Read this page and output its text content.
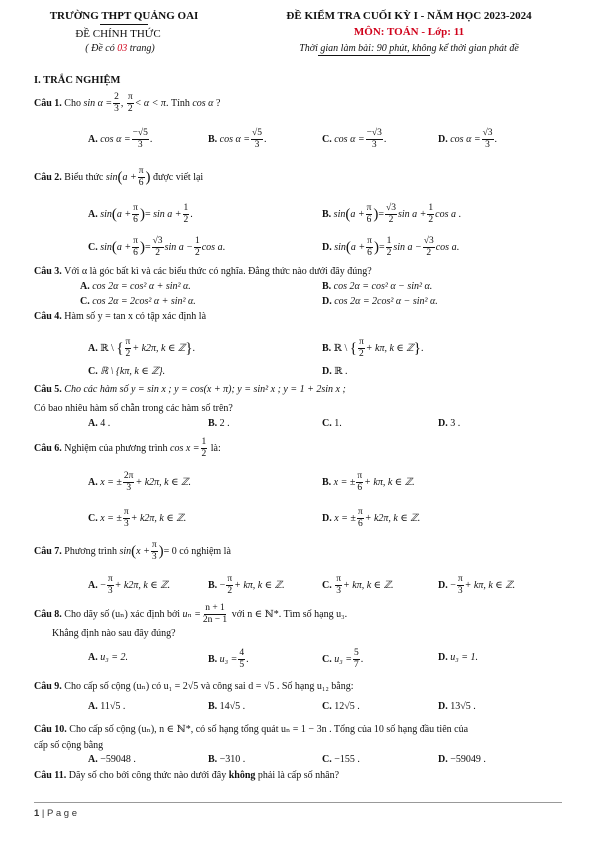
TRƯỜNG THPT QUẢNG OAI
ĐỀ CHÍNH THỨC
( Đề có 03 trang)
ĐỀ KIỂM TRA CUỐI KỲ I - NĂM HỌC 2023-2024
MÔN: TOÁN - Lớp: 11
Thời gian làm bài: 90 phút, không kể thời gian phát đề
I. TRẮC NGHIỆM
Câu 1. Cho $\sin \alpha = \frac{2}{3}$ , $\frac{\pi}{2} < \alpha < \pi$. Tính cos α ?
A. $\cos \alpha = \frac{-√5}{3}$ .	B. $\cos \alpha = \frac{√5}{3}$ .	C. $\cos \alpha = \frac{-√3}{3}$ .	D. $\cos \alpha = \frac{√3}{3}$ .
Câu 2. Biểu thức $\sin(a + \frac{\pi}{6}$ ) được viết lại
A. $\sin(a + \frac{\pi}{6}$ )= $\sin a + \frac{1}{2}$ .	B. $\sin(a + \frac{\pi}{6}$ )= $\frac{√3}{2}$ $\sin a + \frac{1}{2}$ cos a .
C. $\sin(a + \frac{\pi}{6}$ )= $\frac{√3}{2}$ $\sin a - \frac{1}{2}$ cos a.	D. $\sin(a + \frac{\pi}{6}$ )= $\frac{1}{2}$ $\sin a - \frac{√3}{2}$ cos a.
Câu 3. Với α là góc bất kì và các biểu thức có nghĩa. Đẳng thức nào dưới đây đúng?
A. cos 2α = cos² α + sin² α.	B. cos 2α = cos² α − sin² α.
C. cos 2α = 2cos² α + sin² α.	D. cos 2α = 2cos² α − sin² α.
Câu 4. Hàm số y = tan x có tập xác định là
A. ℝ \ { $\frac{\pi}{2} + k2\pi$, k ∈ ℤ}.	B. ℝ \ { $\frac{\pi}{2} + k\pi$, k ∈ ℤ}.
C. ℝ \ {kπ, k ∈ ℤ}.	D. ℝ .
Câu 5. Cho các hàm số y = sin x ; y = cos(x + π); y = sin² x ; y = 1 + 2sin x ;
Có bao nhiêu hàm số chẵn trong các hàm số trên?
A. 4 .	B. 2 .	C. 1.	D. 3 .
Câu 6. Nghiệm của phương trình $\cos x = \frac{1}{2}$ là:
A. x = ± $\frac{2\pi}{3} + k2\pi$, k ∈ ℤ.	B. x = ± $\frac{\pi}{6} + k\pi$, k ∈ ℤ.
C. x = ± $\frac{\pi}{3} + k2\pi$, k ∈ ℤ.	D. x = ± $\frac{\pi}{6} + k2\pi$, k ∈ ℤ.
Câu 7. Phương trình $\sin(x + \frac{\pi}{3}$ )= 0 có nghiệm là
A. − $\frac{\pi}{3} + k2\pi$, k ∈ ℤ.	B. − $\frac{\pi}{2} + k\pi$, k ∈ ℤ.	C. $\frac{\pi}{3} + k\pi$, k ∈ ℤ.	D. − $\frac{\pi}{3} + k\pi$, k ∈ ℤ.
Câu 8. Cho dãy số (uₙ) xác định bởi $u_n = \frac{n + 1}{2n - 1}$ với n ∈ ℕ*. Tìm số hạng u₃.
Khẳng định nào sau đây đúng?
A. u₃ = 2.	B. $u_3 = \frac{4}{5}$ .	C. $u_3 = \frac{5}{7}$ .	D. u₃ = 1.
Câu 9. Cho cấp số cộng (uₙ) có u₁ = 2√5 và công sai d = √5 . Số hạng u₁₂ bằng:
A. 11√5 .	B. 14√5 .	C. 12√5 .	D. 13√5 .
Câu 10. Cho cấp số cộng (uₙ), n ∈ ℕ*, có số hạng tổng quát uₙ = 1 − 3n . Tổng của 10 số hạng đầu tiên của
cấp số cộng bằng
A. −59048 .	B. −310 .	C. −155 .	D. −59049 .
Câu 11. Dãy số cho bởi công thức nào dưới đây không phải là cấp số nhân?
1 | P a g e
